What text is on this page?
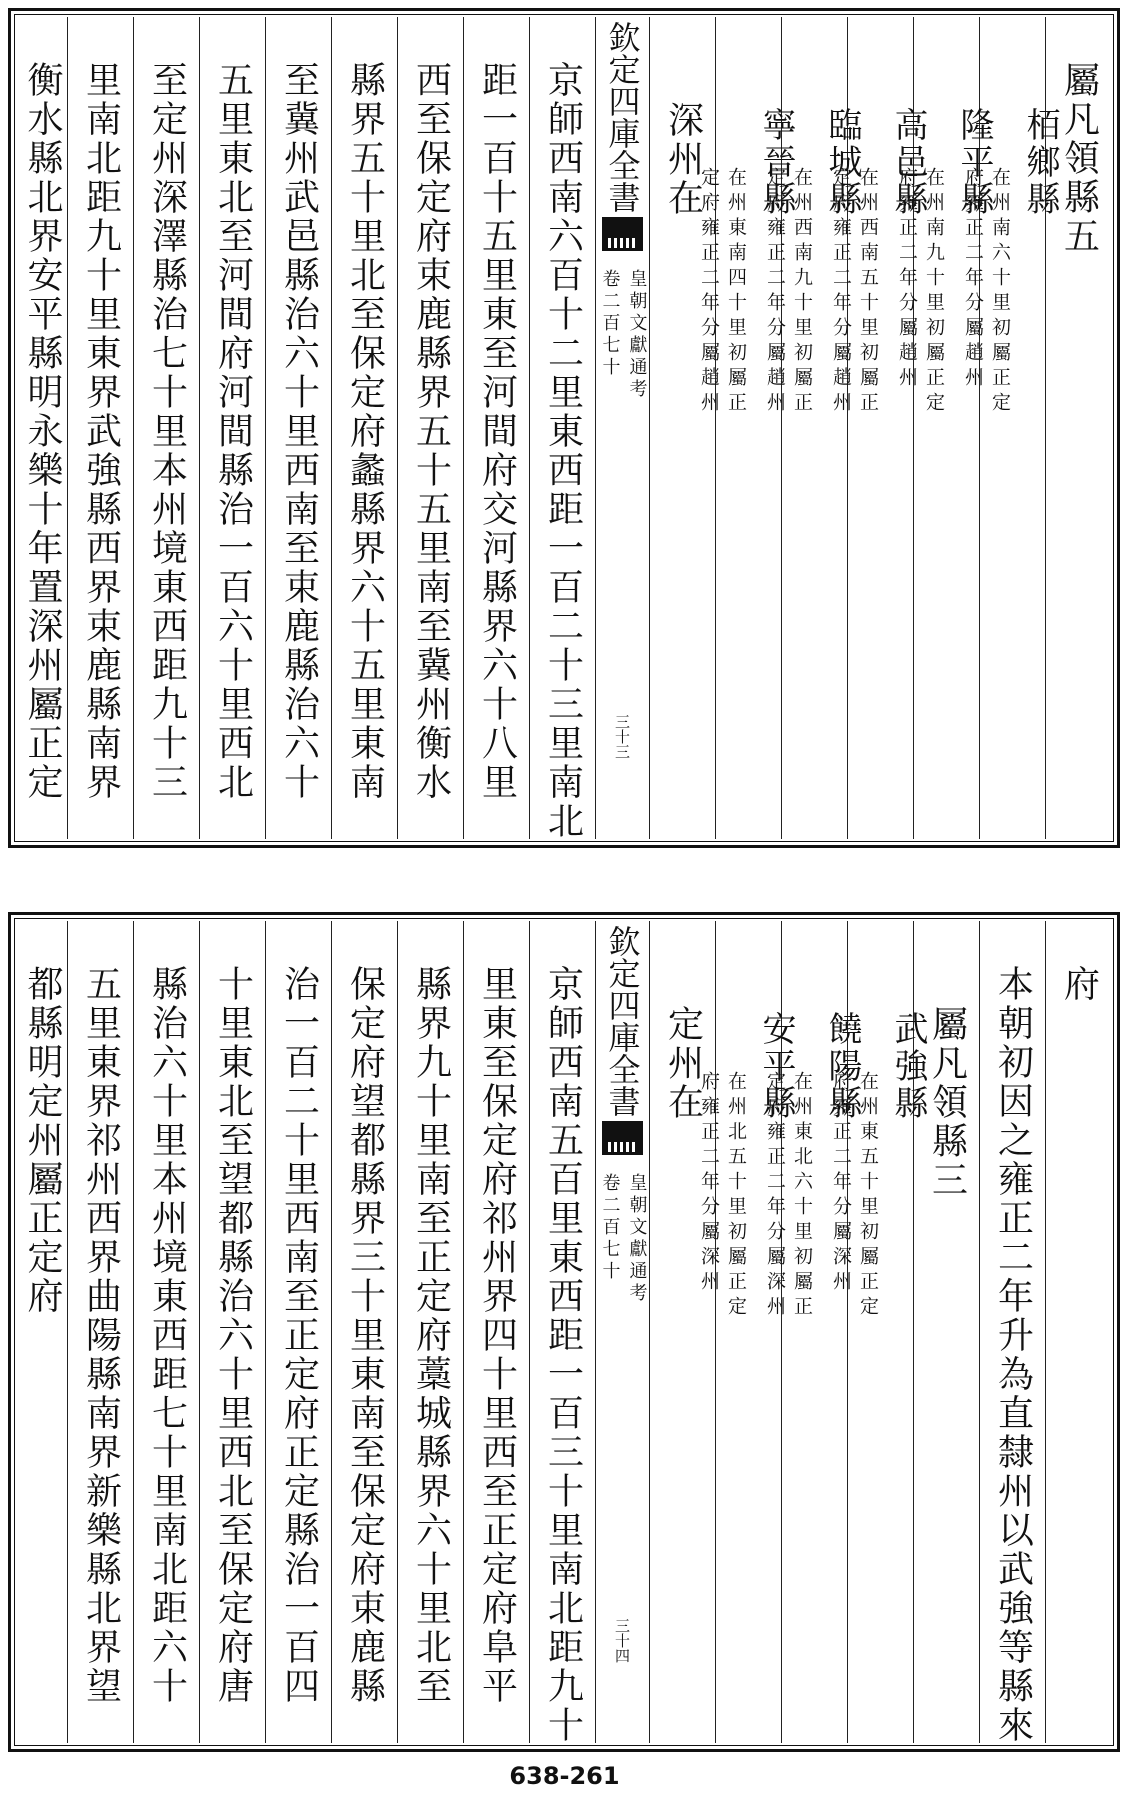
屬凡領縣五
栢鄉縣
在州南六十里初屬正定
府雍正二年分屬趙州
隆平縣
在州南九十里初屬正定
府雍正二年分屬趙州
高邑縣
在州西南五十里初屬正
定府雍正二年分屬趙州
臨城縣
在州西南九十里初屬正
定府雍正二年分屬趙州
寧晉縣
在州東南四十里初屬正
定府雍正二年分屬趙州
深州在
欽定四庫全書
皇朝文獻通考
卷二百七十
三十三
京師西南六百十二里東西距一百二十三里南北
距一百十五里東至河間府交河縣界六十八里
西至保定府束鹿縣界五十五里南至冀州衡水
縣界五十里北至保定府蠡縣界六十五里東南
至冀州武邑縣治六十里西南至束鹿縣治六十
五里東北至河間府河間縣治一百六十里西北
至定州深澤縣治七十里本州境東西距九十三
里南北距九十里東界武強縣西界束鹿縣南界
衡水縣北界安平縣明永樂十年置深州屬正定
府
本朝初因之雍正二年升為直隸州以武強等縣來
屬凡領縣三
武強縣
在州東五十里初屬正定
府雍正二年分屬深州
饒陽縣
在州東北六十里初屬正
定府雍正二年分屬深州
安平縣
在州北五十里初屬正定
府雍正二年分屬深州
定州在
欽定四庫全書
皇朝文獻通考
卷二百七十
三十四
京師西南五百里東西距一百三十里南北距九十
里東至保定府祁州界四十里西至正定府阜平
縣界九十里南至正定府藁城縣界六十里北至
保定府望都縣界三十里東南至保定府束鹿縣
治一百二十里西南至正定府正定縣治一百四
十里東北至望都縣治六十里西北至保定府唐
縣治六十里本州境東西距七十里南北距六十
五里東界祁州西界曲陽縣南界新樂縣北界望
都縣明定州屬正定府
638-261
